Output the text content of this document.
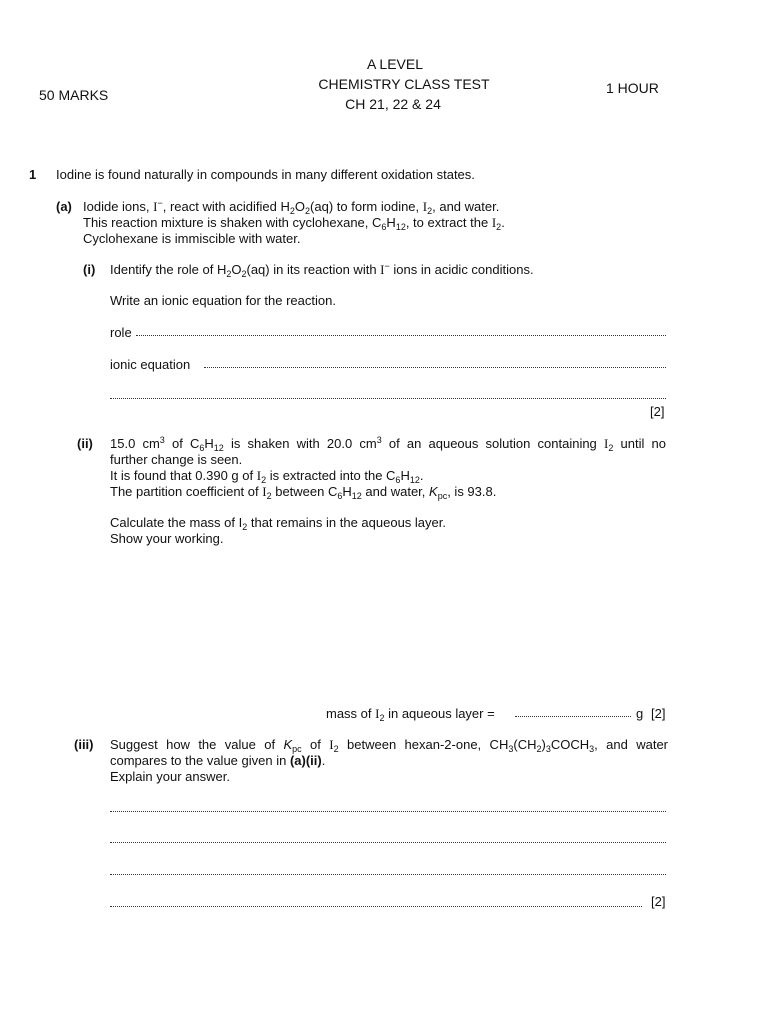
A LEVEL
CHEMISTRY CLASS TEST
CH 21, 22 & 24
50 MARKS	1 HOUR
1 Iodine is found naturally in compounds in many different oxidation states.
(a) Iodide ions, I−, react with acidified $H_2O_2(aq)$ to form iodine, $I_2$, and water.
This reaction mixture is shaken with cyclohexane, $C_6H_{12}$, to extract the $I_2$.
Cyclohexane is immiscible with water.
(i) Identify the role of $H_2O_2(aq)$ in its reaction with I− ions in acidic conditions.
Write an ionic equation for the reaction.
role
ionic equation
[2]
(ii) 15.0 $cm^3$ of $C_6H_{12}$ is shaken with 20.0 $cm^3$ of an aqueous solution containing $I_2$ until no
further change is seen.
It is found that 0.390 g of $I_2$ is extracted into the $C_6H_{12}$.
The partition coefficient of $I_2$ between $C_6H_{12}$ and water, $K_{pc}$, is 93.8.
Calculate the mass of $I_2$ that remains in the aqueous layer.
Show your working.
mass of $I_2$ in aqueous layer =	g [2]
(iii) Suggest how the value of $K_{pc}$ of $I_2$ between hexan-2-one, $CH_3(CH_2)_3COCH_3$, and water
compares to the value given in (a)(ii).
Explain your answer.
[2]
